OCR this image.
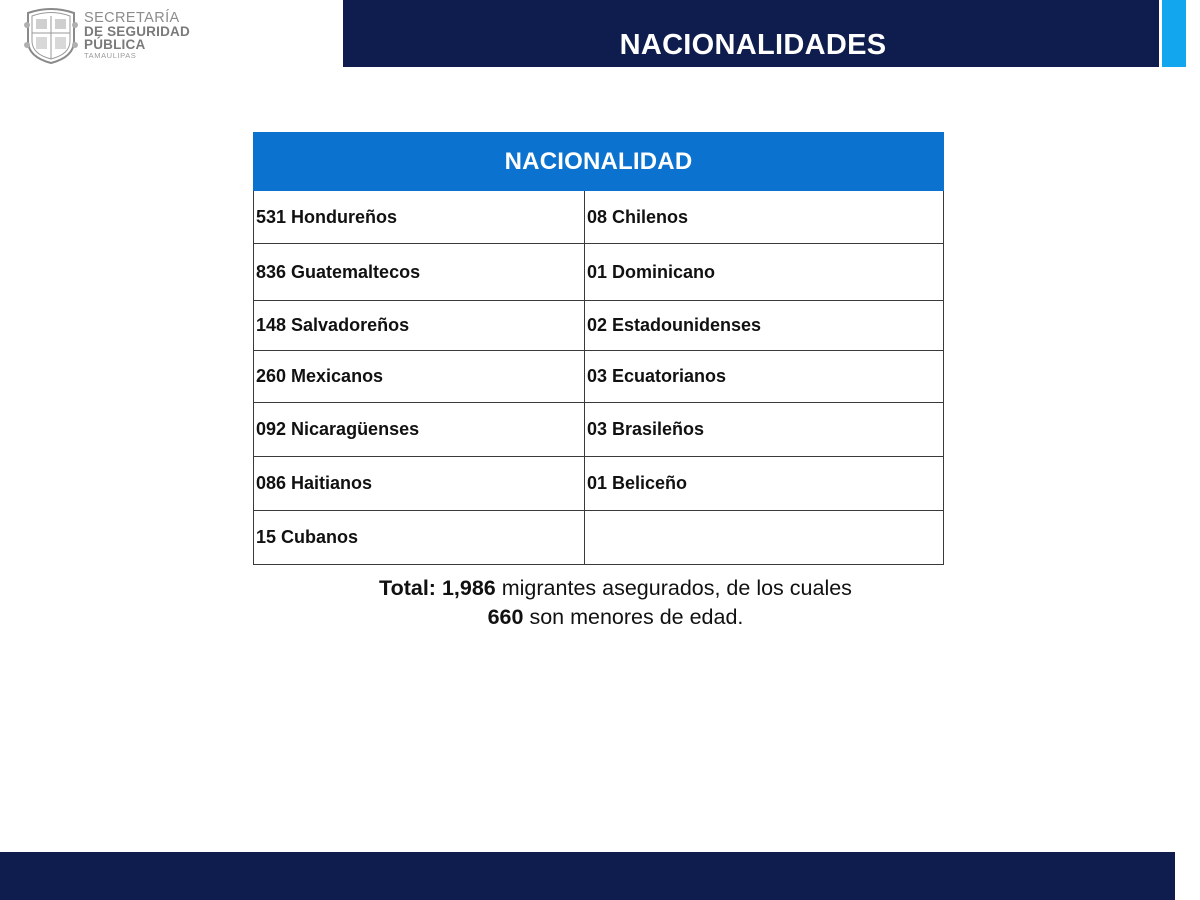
SECRETARÍA
DE SEGURIDAD
PÚBLICA
TAMAULIPAS	NACIONALIDADES
NACIONALIDAD	
531 Hondureños	08 Chilenos
836 Guatemaltecos	01 Dominicano
148 Salvadoreños	02 Estadounidenses
260 Mexicanos	03 Ecuatorianos
092 Nicaragüenses	03 Brasileños
086 Haitianos	01 Beliceño
15 Cubanos	
Total: 1,986 migrantes asegurados, de los cuales
660 son menores de edad.
